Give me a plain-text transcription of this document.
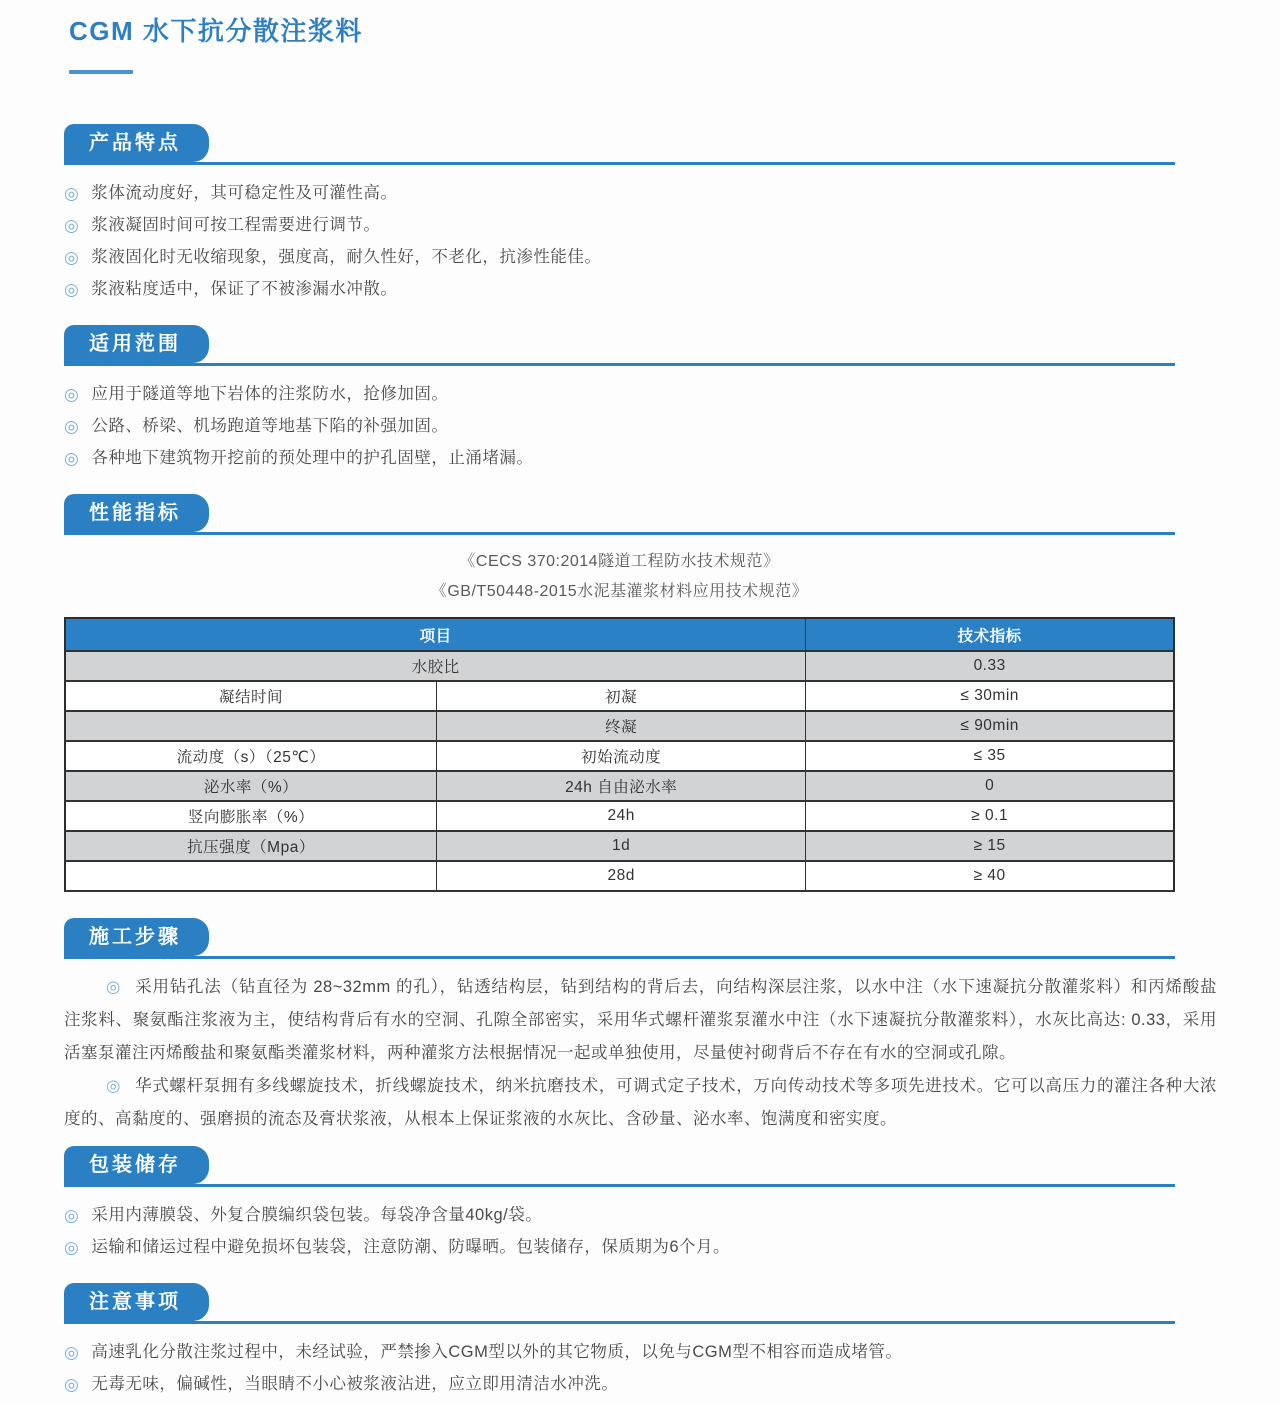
CGM 水下抗分散注浆料
产品特点
◎ 浆体流动度好，其可稳定性及可灌性高。
◎ 浆液凝固时间可按工程需要进行调节。
◎ 浆液固化时无收缩现象，强度高，耐久性好，不老化，抗渗性能佳。
◎ 浆液粘度适中，保证了不被渗漏水冲散。
适用范围
◎ 应用于隧道等地下岩体的注浆防水，抢修加固。
◎ 公路、桥梁、机场跑道等地基下陷的补强加固。
◎ 各种地下建筑物开挖前的预处理中的护孔固壁，止涌堵漏。
性能指标
《CECS 370:2014隧道工程防水技术规范》
《GB/T50448-2015水泥基灌浆材料应用技术规范》
项目		技术指标
水胶比		0.33
凝结时间	初凝	≤ 30min
	终凝	≤ 90min
流动度（s）（25℃）	初始流动度	≤ 35
泌水率（%）	24h 自由泌水率	0
竖向膨胀率（%）	24h	≥ 0.1
抗压强度（Mpa）	1d	≥ 15
	28d	≥ 40
施工步骤

◎ 采用钻孔法（钻直径为 28~32mm 的孔），钻透结构层，钻到结构的背后去，向结构深层注浆，以水中注（水下速凝抗分散灌浆料）和丙烯酸盐注浆料、聚氨酯注浆液为主，使结构背后有水的空洞、孔隙全部密实，采用华式螺杆灌浆泵灌水中注（水下速凝抗分散灌浆料），水灰比高达: 0.33，采用活塞泵灌注丙烯酸盐和聚氨酯类灌浆材料，两种灌浆方法根据情况一起或单独使用，尽量使衬砌背后不存在有水的空洞或孔隙。

◎ 华式螺杆泵拥有多线螺旋技术，折线螺旋技术，纳米抗磨技术，可调式定子技术，万向传动技术等多项先进技术。它可以高压力的灌注各种大浓度的、高黏度的、强磨损的流态及膏状浆液，从根本上保证浆液的水灰比、含砂量、泌水率、饱满度和密实度。

包装储存
◎ 采用内薄膜袋、外复合膜编织袋包装。每袋净含量40kg/袋。
◎ 运输和储运过程中避免损坏包装袋，注意防潮、防曝晒。包装储存，保质期为6个月。
注意事项
◎ 高速乳化分散注浆过程中，未经试验，严禁掺入CGM型以外的其它物质，以免与CGM型不相容而造成堵管。
◎ 无毒无味，偏碱性，当眼睛不小心被浆液沾进，应立即用清洁水冲洗。
